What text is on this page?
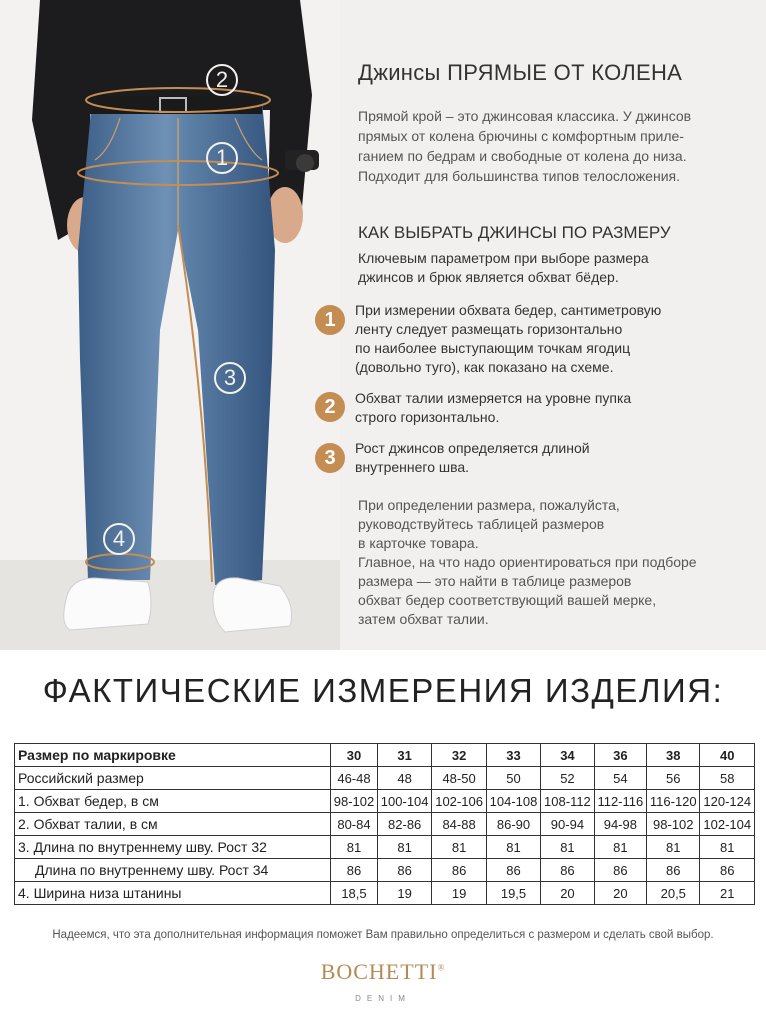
2
1
3
4
Джинсы ПРЯМЫЕ ОТ КОЛЕНА
Прямой крой – это джинсовая классика. У джинсов
прямых от колена брючины с комфортным приле-
ганием по бедрам и свободные от колена до низа.
Подходит для большинства типов телосложения.
КАК ВЫБРАТЬ ДЖИНСЫ ПО РАЗМЕРУ
Ключевым параметром при выборе размера
джинсов и брюк является обхват бёдер.
1	При измерении обхвата бедер, сантиметровую
ленту следует размещать горизонтально
по наиболее выступающим точкам ягодиц
(довольно туго), как показано на схеме.
2	Обхват талии измеряется на уровне пупка
строго горизонтально.
3	Рост джинсов определяется длиной
внутреннего шва.
При определении размера, пожалуйста,
руководствуйтесь таблицей размеров
в карточке товара.
Главное, на что надо ориентироваться при подборе
размера — это найти в таблице размеров
обхват бедер соответствующий вашей мерке,
затем обхват талии.
ФАКТИЧЕСКИЕ ИЗМЕРЕНИЯ ИЗДЕЛИЯ:
Размер по маркировке	30	31	32	33	34	36	38	40
Российский размер	46-48	48	48-50	50	52	54	56	58
1. Обхват бедер, в см	98-102	100-104	102-106	104-108	108-112	112-116	116-120	120-124
2. Обхват талии, в см	80-84	82-86	84-88	86-90	90-94	94-98	98-102	102-104
3. Длина по внутреннему шву. Рост 32	81	81	81	81	81	81	81	81
Длина по внутреннему шву. Рост 34	86	86	86	86	86	86	86	86
4. Ширина низа штанины	18,5	19	19	19,5	20	20	20,5	21
Надеемся, что эта дополнительная информация поможет Вам правильно определиться с размером и сделать свой выбор.
BOCHETTI®
DENIM
